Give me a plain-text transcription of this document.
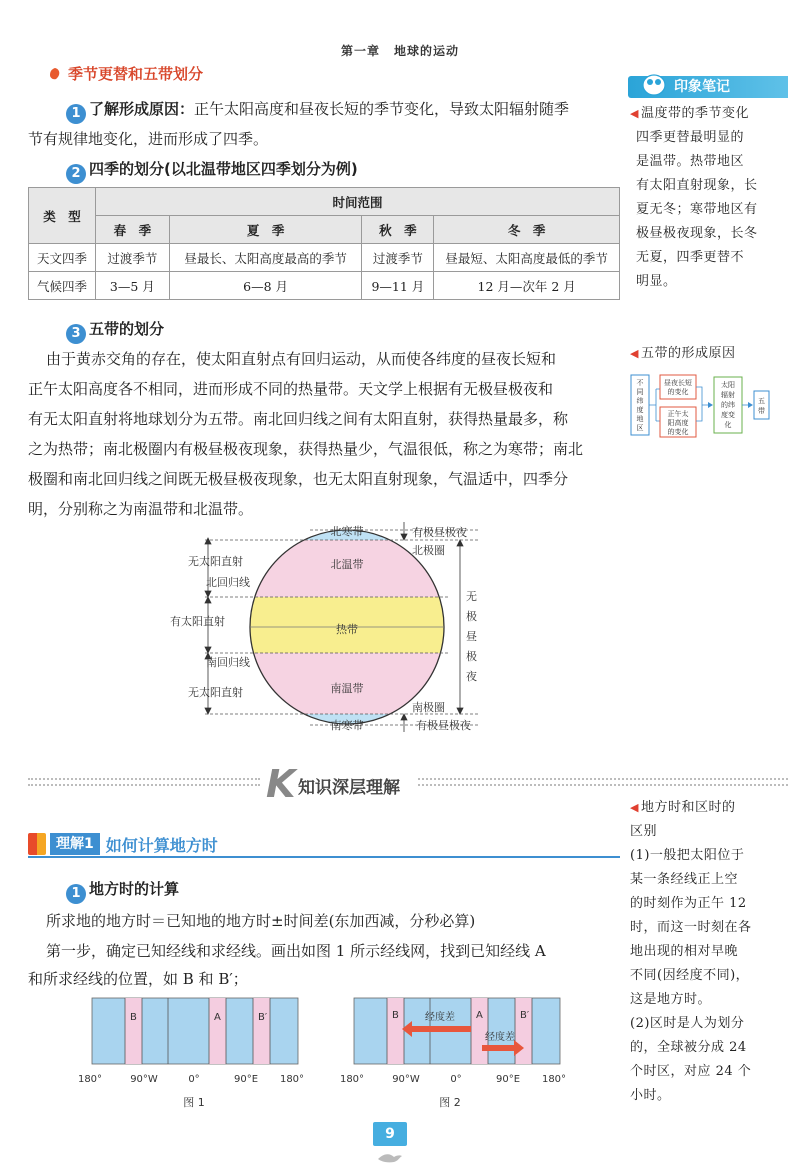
第一章 地球的运动
季节更替和五带划分
1 了解形成原因：正午太阳高度和昼夜长短的季节变化，导致太阳辐射随季
节有规律地变化，进而形成了四季。
2 四季的划分(以北温带地区四季划分为例)
类　型	时间范围			
	春　季	夏　季	秋　季	冬　季
天文四季	过渡季节	昼最长、太阳高度最高的季节	过渡季节	昼最短、太阳高度最低的季节
气候四季	3—5 月	6—8 月	9—11 月	12 月—次年 2 月
3 五带的划分
由于黄赤交角的存在，使太阳直射点有回归运动，从而使各纬度的昼夜长短和
正午太阳高度各不相同，进而形成不同的热量带。天文学上根据有无极昼极夜和
有无太阳直射将地球划分为五带。南北回归线之间有太阳直射，获得热量最多，称
之为热带；南北极圈内有极昼极夜现象，获得热量少，气温很低，称之为寒带；南北
极圈和南北回归线之间既无极昼极夜现象，也无太阳直射现象，气温适中，四季分
明，分别称之为南温带和北温带。
北寒带
北温带
热带
南温带
南寒带
无太阳直射
北回归线
有太阳直射
南回归线
无太阳直射
有极昼极夜
北极圈
南极圈
有极昼极夜
无
极
昼
极
夜
K 知识深层理解
理解1 如何计算地方时
1 地方时的计算
所求地的地方时＝已知地的地方时±时间差(东加西减，分秒必算)
第一步，确定已知经线和求经线。画出如图 1 所示经线网，找到已知经线 A
和所求经线的位置，如 B 和 B′；
B	A	B′
180°	90°W	0°	90°E 180°
图 1
B	A	B′
经度差
经度差
180°	90°W	0°	90°E 180°
图 2
印象笔记
◀ 温度带的季节变化
四季更替最明显的
是温带。热带地区
有太阳直射现象，长
夏无冬；寒带地区有
极昼极夜现象，长冬
无夏，四季更替不
明显。
◀ 五带的形成原因
不
同
纬
度
地
区
昼夜长短
的变化
正午太
阳高度
的变化
太阳
辐射
的纬
度变
化
五
带
◀ 地方时和区时的
区别
(1)一般把太阳位于
某一条经线正上空
的时刻作为正午 12
时，而这一时刻在各
地出现的相对早晚
不同(因经度不同)，
这是地方时。
(2)区时是人为划分
的，全球被分成 24
个时区，对应 24 个
小时。
9
